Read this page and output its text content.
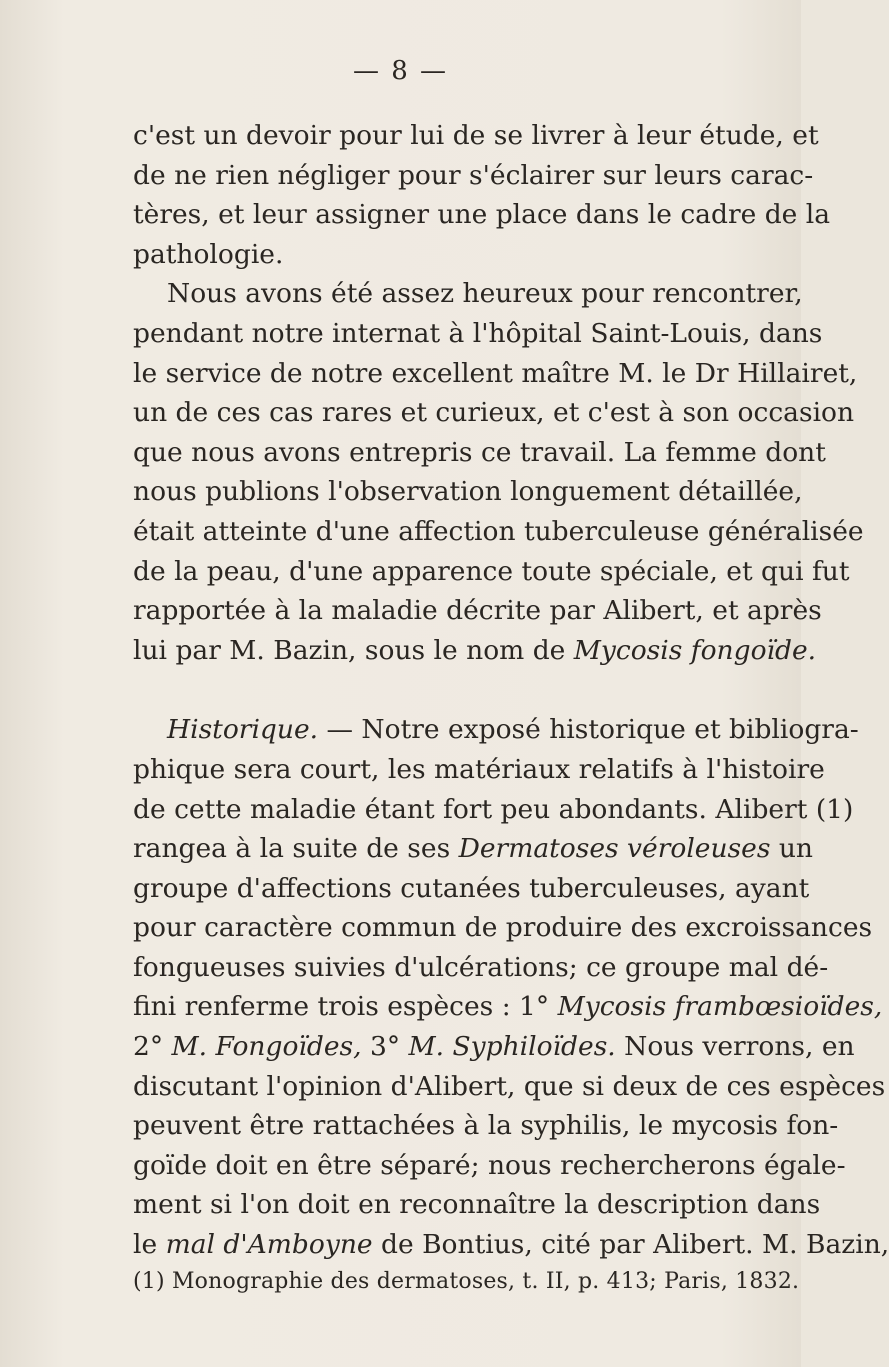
— 8 —
c'est un devoir pour lui de se livrer à leur étude, et
de ne rien négliger pour s'éclairer sur leurs carac-
tères, et leur assigner une place dans le cadre de la
pathologie.
Nous avons été assez heureux pour rencontrer,
pendant notre internat à l'hôpital Saint-Louis, dans
le service de notre excellent maître M. le Dr Hillairet,
un de ces cas rares et curieux, et c'est à son occasion
que nous avons entrepris ce travail. La femme dont
nous publions l'observation longuement détaillée,
était atteinte d'une affection tuberculeuse généralisée
de la peau, d'une apparence toute spéciale, et qui fut
rapportée à la maladie décrite par Alibert, et après
lui par M. Bazin, sous le nom de Mycosis fongoïde.
Historique. — Notre exposé historique et bibliogra-
phique sera court, les matériaux relatifs à l'histoire
de cette maladie étant fort peu abondants. Alibert (1)
rangea à la suite de ses Dermatoses véroleuses un
groupe d'affections cutanées tuberculeuses, ayant
pour caractère commun de produire des excroissances
fongueuses suivies d'ulcérations; ce groupe mal dé-
fini renferme trois espèces : 1° Mycosis frambœsioïdes,
2° M. Fongoïdes, 3° M. Syphiloïdes. Nous verrons, en
discutant l'opinion d'Alibert, que si deux de ces espèces
peuvent être rattachées à la syphilis, le mycosis fon-
goïde doit en être séparé; nous rechercherons égale-
ment si l'on doit en reconnaître la description dans
le mal d'Amboyne de Bontius, cité par Alibert. M. Bazin,
(1) Monographie des dermatoses, t. II, p. 413; Paris, 1832.
